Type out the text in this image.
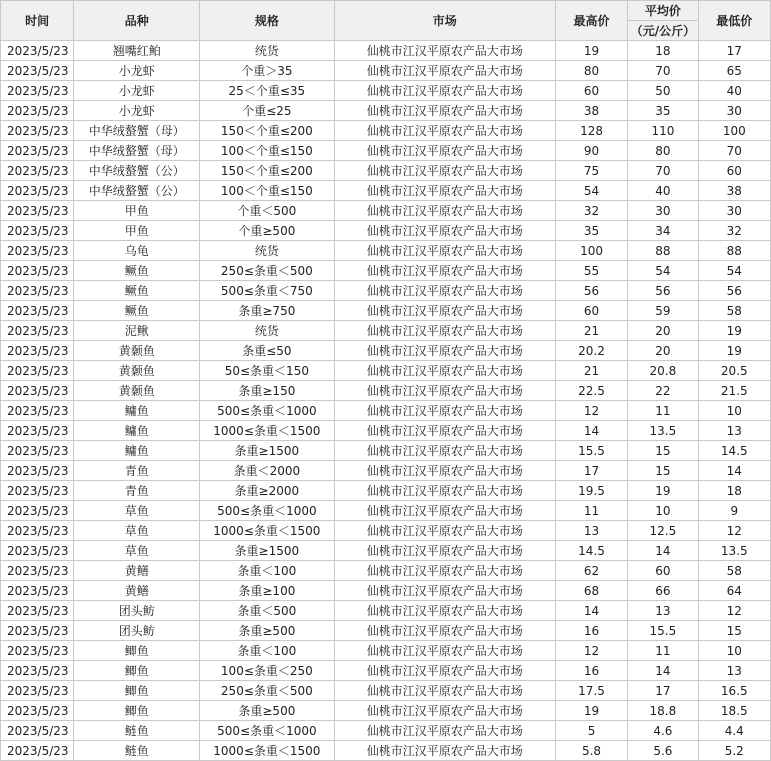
时间	品种	规格	市场	最高价	平均价	最低价
					（元/公斤）	
2023/5/23	翘嘴红鲌	统货	仙桃市江汉平原农产品大市场	19	18	17
2023/5/23	小龙虾	个重＞35	仙桃市江汉平原农产品大市场	80	70	65
2023/5/23	小龙虾	25＜个重≤35	仙桃市江汉平原农产品大市场	60	50	40
2023/5/23	小龙虾	个重≤25	仙桃市江汉平原农产品大市场	38	35	30
2023/5/23	中华绒螯蟹（母）	150＜个重≤200	仙桃市江汉平原农产品大市场	128	110	100
2023/5/23	中华绒螯蟹（母）	100＜个重≤150	仙桃市江汉平原农产品大市场	90	80	70
2023/5/23	中华绒螯蟹（公）	150＜个重≤200	仙桃市江汉平原农产品大市场	75	70	60
2023/5/23	中华绒螯蟹（公）	100＜个重≤150	仙桃市江汉平原农产品大市场	54	40	38
2023/5/23	甲鱼	个重＜500	仙桃市江汉平原农产品大市场	32	30	30
2023/5/23	甲鱼	个重≥500	仙桃市江汉平原农产品大市场	35	34	32
2023/5/23	乌龟	统货	仙桃市江汉平原农产品大市场	100	88	88
2023/5/23	鳜鱼	250≤条重＜500	仙桃市江汉平原农产品大市场	55	54	54
2023/5/23	鳜鱼	500≤条重＜750	仙桃市江汉平原农产品大市场	56	56	56
2023/5/23	鳜鱼	条重≥750	仙桃市江汉平原农产品大市场	60	59	58
2023/5/23	泥鳅	统货	仙桃市江汉平原农产品大市场	21	20	19
2023/5/23	黄颡鱼	条重≤50	仙桃市江汉平原农产品大市场	20.2	20	19
2023/5/23	黄颡鱼	50≤条重＜150	仙桃市江汉平原农产品大市场	21	20.8	20.5
2023/5/23	黄颡鱼	条重≥150	仙桃市江汉平原农产品大市场	22.5	22	21.5
2023/5/23	鳙鱼	500≤条重＜1000	仙桃市江汉平原农产品大市场	12	11	10
2023/5/23	鳙鱼	1000≤条重＜1500	仙桃市江汉平原农产品大市场	14	13.5	13
2023/5/23	鳙鱼	条重≥1500	仙桃市江汉平原农产品大市场	15.5	15	14.5
2023/5/23	青鱼	条重＜2000	仙桃市江汉平原农产品大市场	17	15	14
2023/5/23	青鱼	条重≥2000	仙桃市江汉平原农产品大市场	19.5	19	18
2023/5/23	草鱼	500≤条重＜1000	仙桃市江汉平原农产品大市场	11	10	9
2023/5/23	草鱼	1000≤条重＜1500	仙桃市江汉平原农产品大市场	13	12.5	12
2023/5/23	草鱼	条重≥1500	仙桃市江汉平原农产品大市场	14.5	14	13.5
2023/5/23	黄鳝	条重＜100	仙桃市江汉平原农产品大市场	62	60	58
2023/5/23	黄鳝	条重≥100	仙桃市江汉平原农产品大市场	68	66	64
2023/5/23	团头鲂	条重＜500	仙桃市江汉平原农产品大市场	14	13	12
2023/5/23	团头鲂	条重≥500	仙桃市江汉平原农产品大市场	16	15.5	15
2023/5/23	鲫鱼	条重＜100	仙桃市江汉平原农产品大市场	12	11	10
2023/5/23	鲫鱼	100≤条重＜250	仙桃市江汉平原农产品大市场	16	14	13
2023/5/23	鲫鱼	250≤条重＜500	仙桃市江汉平原农产品大市场	17.5	17	16.5
2023/5/23	鲫鱼	条重≥500	仙桃市江汉平原农产品大市场	19	18.8	18.5
2023/5/23	鲢鱼	500≤条重＜1000	仙桃市江汉平原农产品大市场	5	4.6	4.4
2023/5/23	鲢鱼	1000≤条重＜1500	仙桃市江汉平原农产品大市场	5.8	5.6	5.2
